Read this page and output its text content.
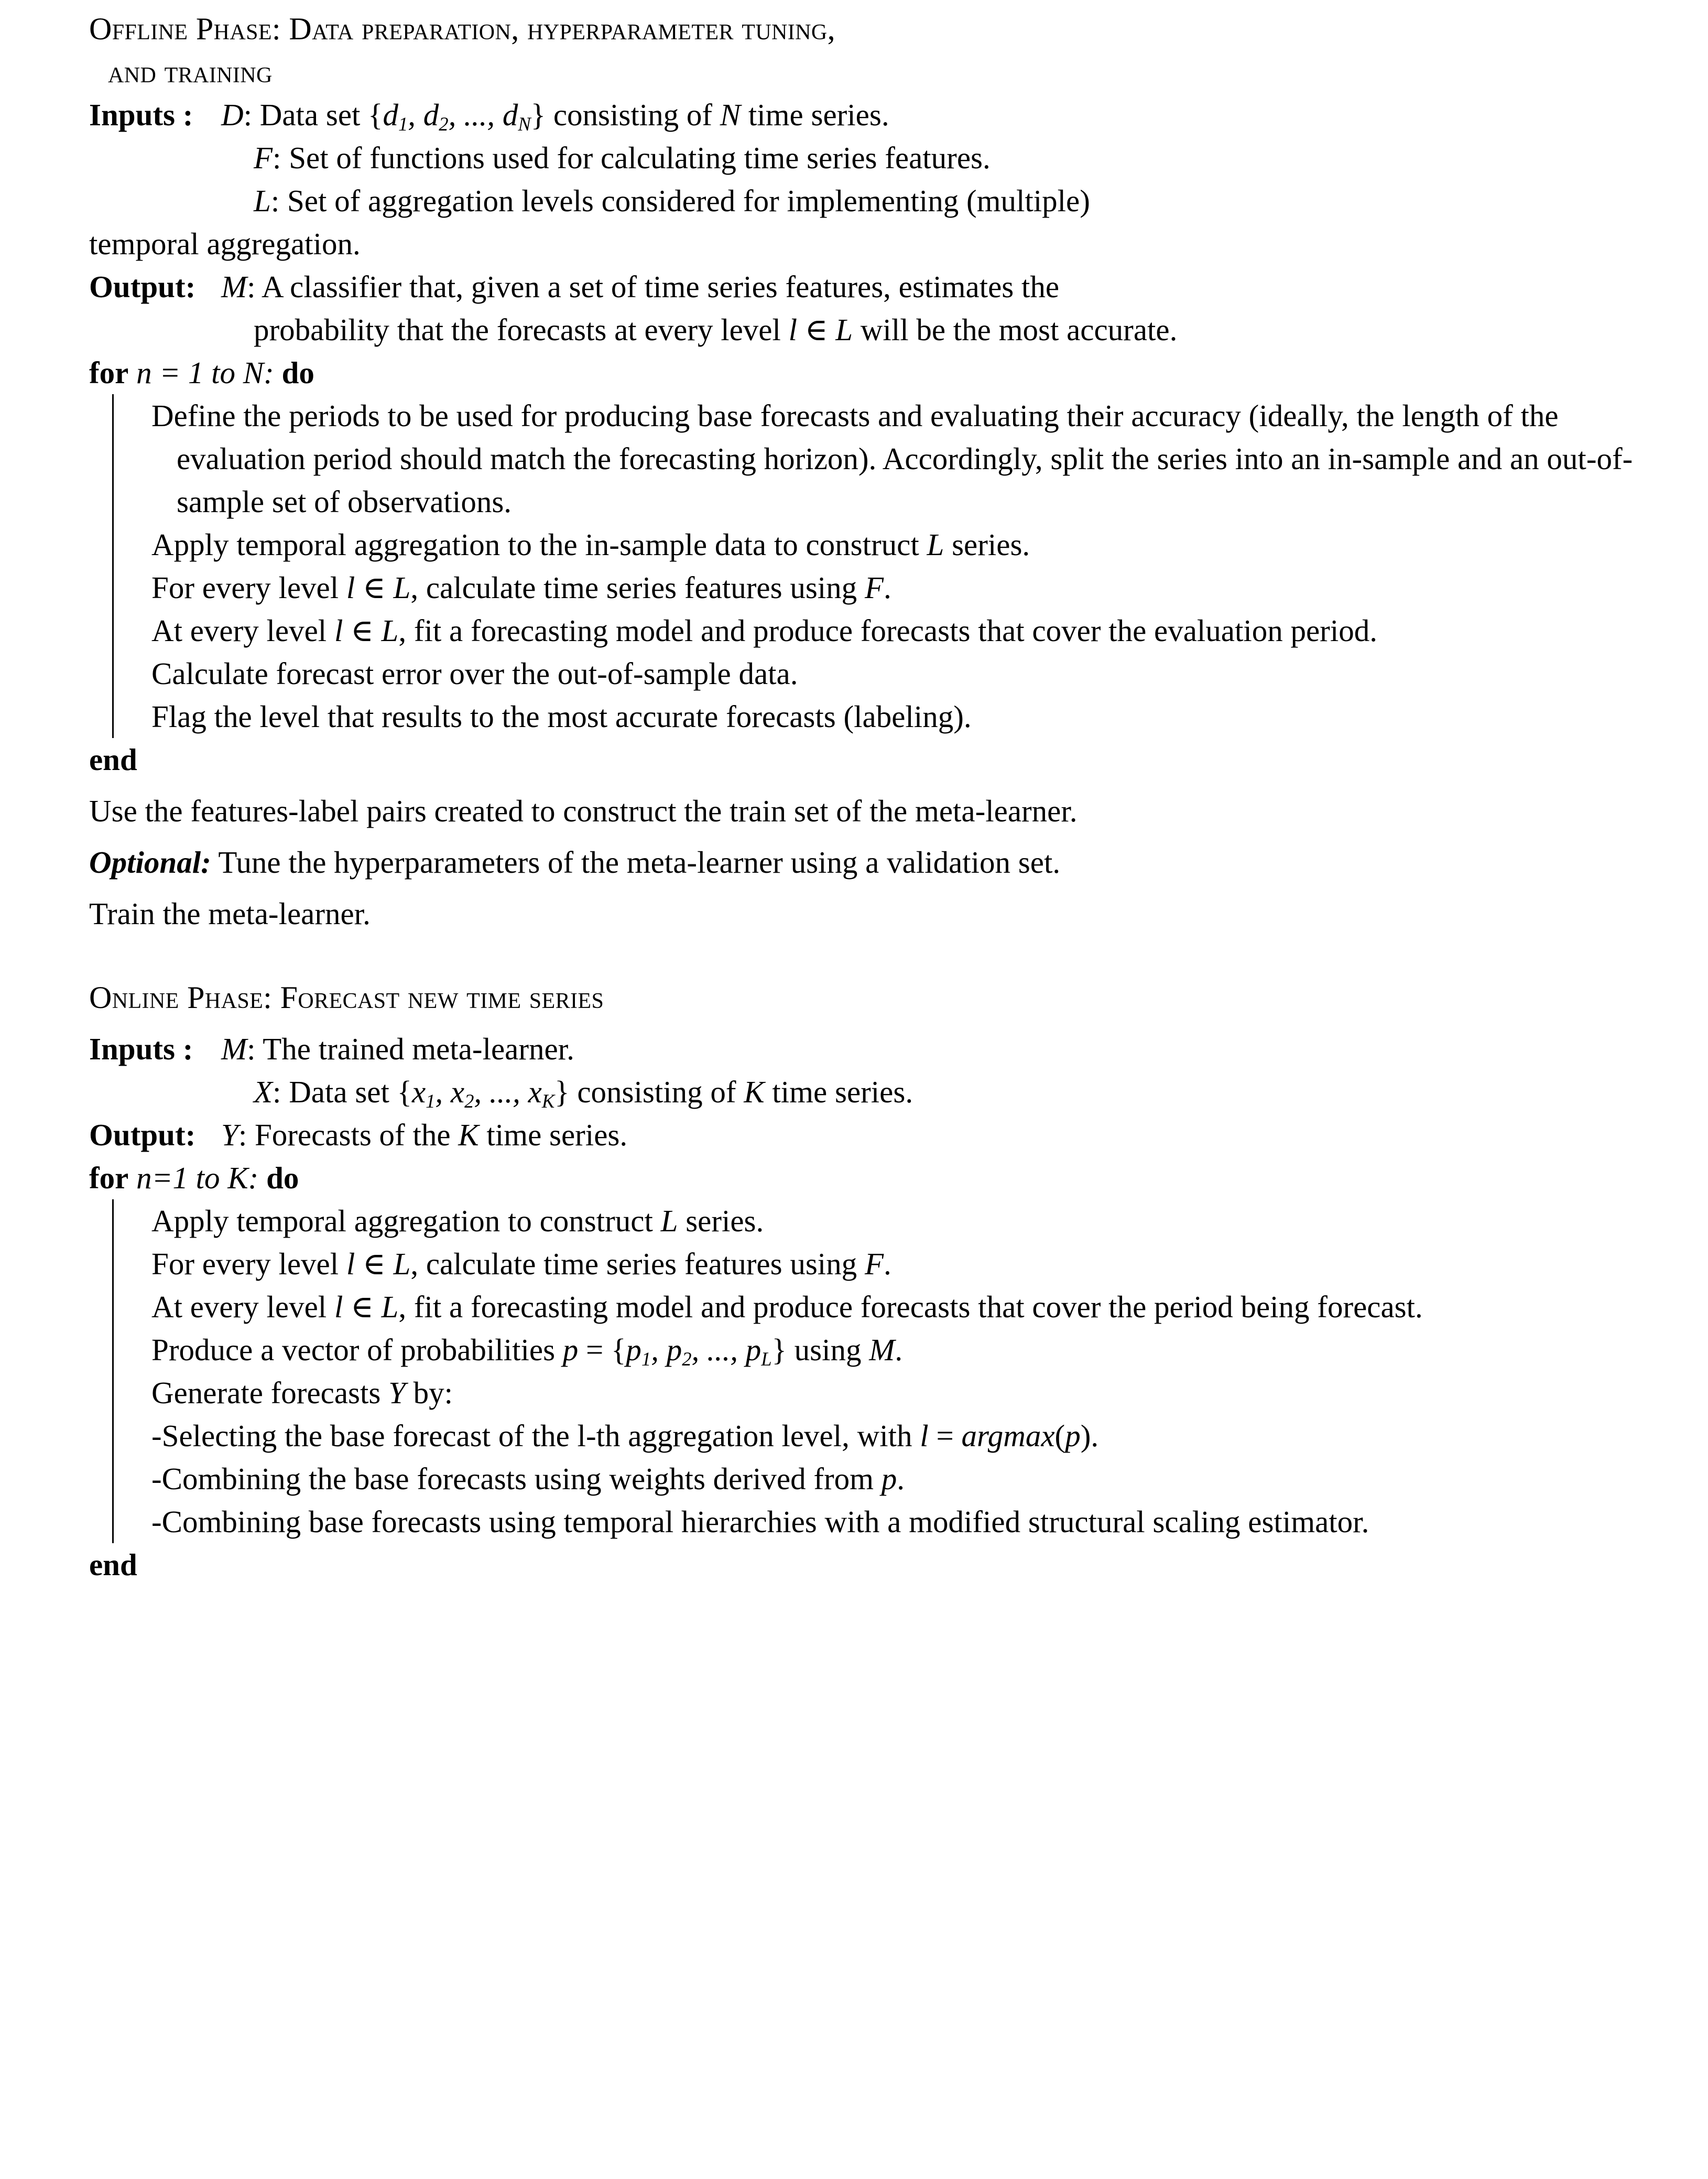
Offline Phase: Data preparation, hyperparameter tuning,
and training
Inputs : D: Data set {$d_1$, $d_2$, ..., $d_N$} consisting of N time series.
F: Set of functions used for calculating time series features.
L: Set of aggregation levels considered for implementing (multiple)
temporal aggregation.
Output: M: A classifier that, given a set of time series features, estimates the
probability that the forecasts at every level l ∈ L will be the most accurate.
for n = 1 to N: do
Define the periods to be used for producing base forecasts and evaluating their accuracy (ideally, the length of the evaluation period should match the forecasting horizon). Accordingly, split the series into an in-sample and an out-of-sample set of observations.
Apply temporal aggregation to the in-sample data to construct L series.
For every level l ∈ L, calculate time series features using F.
At every level l ∈ L, fit a forecasting model and produce forecasts that cover the evaluation period.
Calculate forecast error over the out-of-sample data.
Flag the level that results to the most accurate forecasts (labeling).
end
Use the features-label pairs created to construct the train set of the meta-learner.
Optional: Tune the hyperparameters of the meta-learner using a validation set.
Train the meta-learner.
Online Phase: Forecast new time series
Inputs : M: The trained meta-learner.
X: Data set {$x_1$, $x_2$, ..., $x_K$} consisting of K time series.
Output: Y: Forecasts of the K time series.
for n=1 to K: do
Apply temporal aggregation to construct L series.
For every level l ∈ L, calculate time series features using F.
At every level l ∈ L, fit a forecasting model and produce forecasts that cover the period being forecast.
Produce a vector of probabilities $p = \{p_1$, $p_2$, ..., $p_L$} using M.
Generate forecasts Y by:
-Selecting the base forecast of the l-th aggregation level, with l = argmax(p).
-Combining the base forecasts using weights derived from p.
-Combining base forecasts using temporal hierarchies with a modified structural scaling estimator.
end
